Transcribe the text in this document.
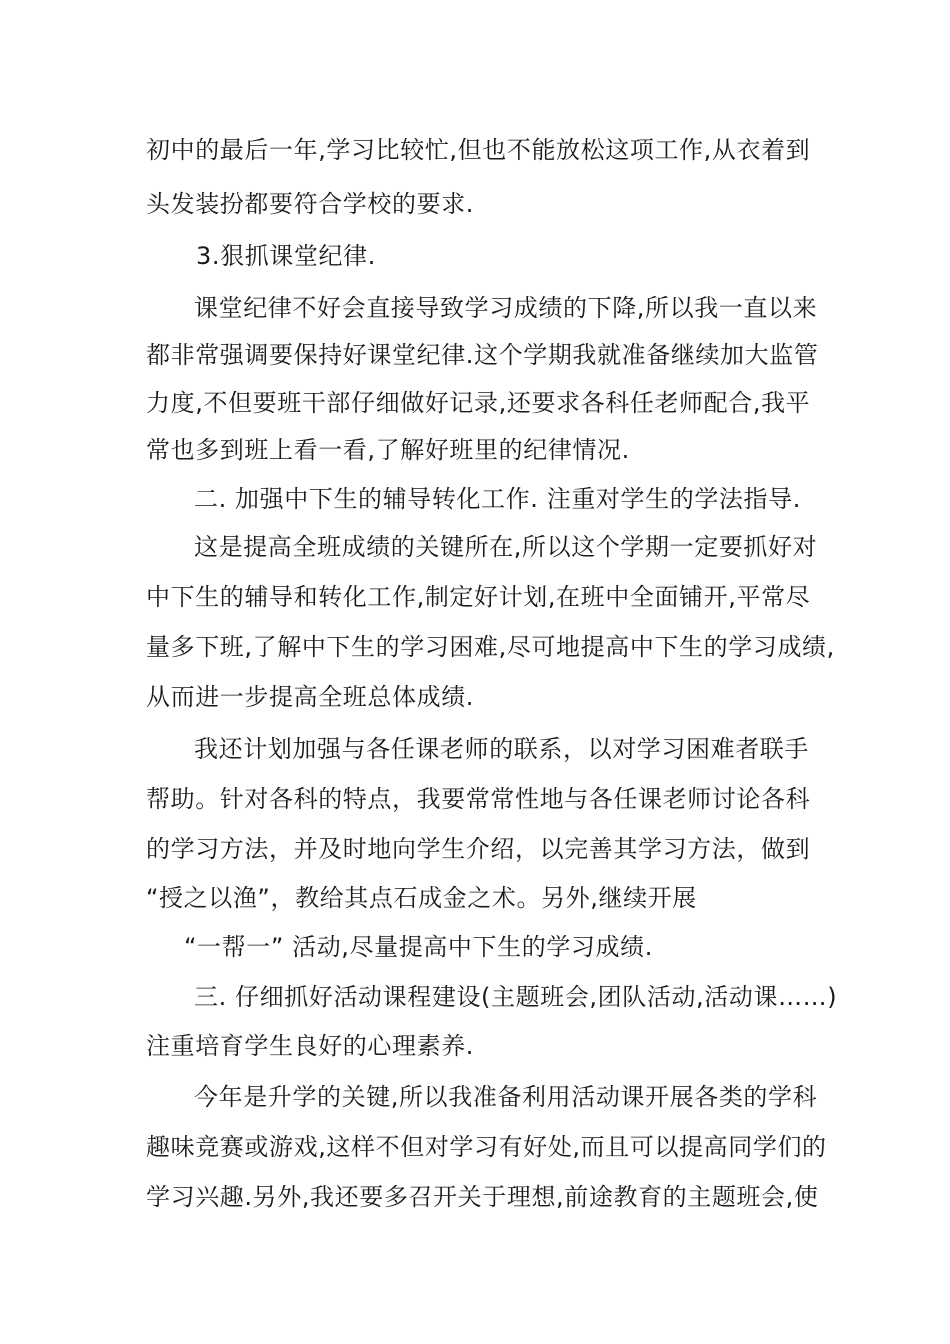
初中的最后一年,学习比较忙,但也不能放松这项工作,从衣着到
头发装扮都要符合学校的要求.
3.狠抓课堂纪律.
课堂纪律不好会直接导致学习成绩的下降,所以我一直以来
都非常强调要保持好课堂纪律.这个学期我就准备继续加大监管
力度,不但要班干部仔细做好记录,还要求各科任老师配合,我平
常也多到班上看一看,了解好班里的纪律情况.
二. 加强中下生的辅导转化工作. 注重对学生的学法指导.
这是提高全班成绩的关键所在,所以这个学期一定要抓好对
中下生的辅导和转化工作,制定好计划,在班中全面铺开,平常尽
量多下班,了解中下生的学习困难,尽可地提高中下生的学习成绩,
从而进一步提高全班总体成绩.
我还计划加强与各任课老师的联系，以对学习困难者联手
帮助。针对各科的特点，我要常常性地与各任课老师讨论各科
的学习方法，并及时地向学生介绍，以完善其学习方法，做到
“授之以渔”，教给其点石成金之术。另外,继续开展
“一帮一” 活动,尽量提高中下生的学习成绩.
三. 仔细抓好活动课程建设(主题班会,团队活动,活动课……)
注重培育学生良好的心理素养.
今年是升学的关键,所以我准备利用活动课开展各类的学科
趣味竞赛或游戏,这样不但对学习有好处,而且可以提高同学们的
学习兴趣.另外,我还要多召开关于理想,前途教育的主题班会,使
